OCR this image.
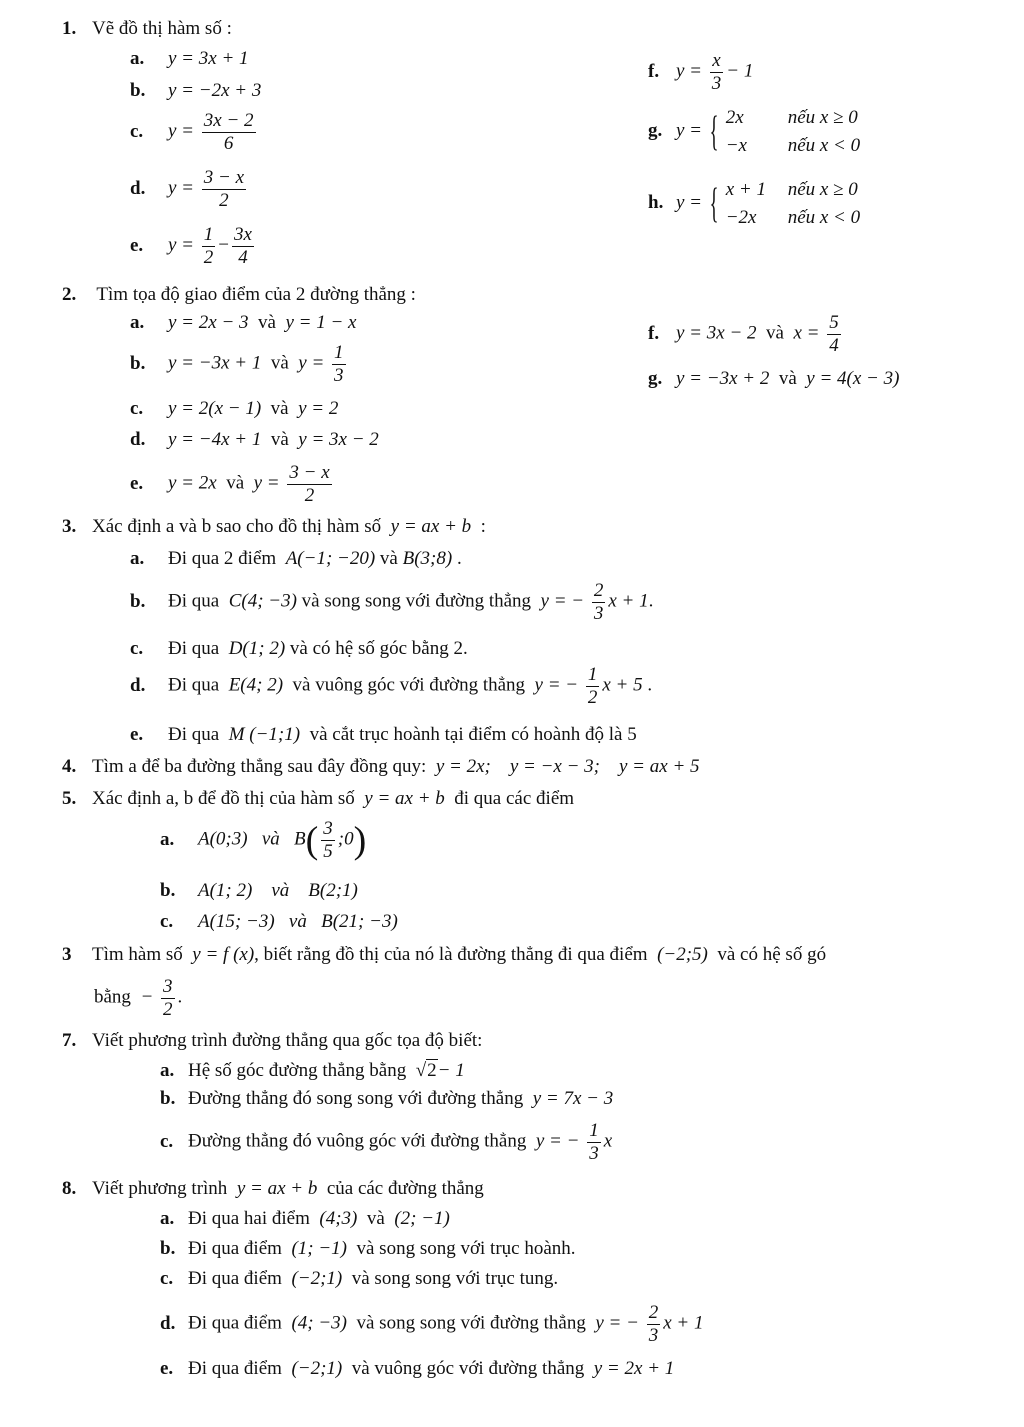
1. Vẽ đồ thị hàm số :
a. y = 3x + 1
b. y = −2x + 3
c. $y = \frac{3x - 2}{6}$
d. $y = \frac{3 - x}{2}$
e. $y = \frac{1}{2} - \frac{3x}{4}$
f. $y = \frac{x}{3} - 1$
g. y = { 2x nếu x ≥ 0
−x nếu x < 0
h. y = { x + 1 nếu x ≥ 0
−2x nếu x < 0
2. Tìm tọa độ giao điểm của 2 đường thẳng :
a. y = 2x − 3 và y = 1 − x
b. y = −3x + 1 và $y = \frac{1}{3}$
c. y = 2(x − 1) và y = 2
d. y = −4x + 1 và y = 3x − 2
e. y = 2x và $y = \frac{3 - x}{2}$
f. y = 3x − 2 và $x = \frac{5}{4}$
g. y = −3x + 2 và y = 4(x − 3)
3. Xác định a và b sao cho đồ thị hàm số y = ax + b :
a. Đi qua 2 điểm A(−1; −20) và B(3;8) .
b. Đi qua C(4; −3) và song song với đường thẳng y = − $\frac{2}{3}$ x + 1.
c. Đi qua D(1; 2) và có hệ số góc bằng 2.
d. Đi qua E(4; 2) và vuông góc với đường thẳng y = − $\frac{1}{2}$ x + 5 .
e. Đi qua M (−1;1) và cắt trục hoành tại điểm có hoành độ là 5
4. Tìm a để ba đường thẳng sau đây đồng quy: y = 2x; y = −x − 3; y = ax + 5
5. Xác định a, b để đồ thị của hàm số y = ax + b đi qua các điểm
a. A(0;3) và $B( \frac{3}{5}$ ;0)
b. A(1; 2) và B(2;1)
c. A(15; −3) và B(21; −3)
3 Tìm hàm số y = f (x), biết rằng đồ thị của nó là đường thẳng đi qua điểm (−2;5) và có hệ số gó
bằng − $\frac{3}{2}$ .
7. Viết phương trình đường thẳng qua gốc tọa độ biết:
a. Hệ số góc đường thẳng bằng √2− 1
b. Đường thẳng đó song song với đường thẳng y = 7x − 3
c. Đường thẳng đó vuông góc với đường thẳng y = − $\frac{1}{3}$ x
8. Viết phương trình y = ax + b của các đường thẳng
a. Đi qua hai điểm (4;3) và (2; −1)
b. Đi qua điểm (1; −1) và song song với trục hoành.
c. Đi qua điểm (−2;1) và song song với trục tung.
d. Đi qua điểm (4; −3) và song song với đường thẳng y = − $\frac{2}{3}$ x + 1
e. Đi qua điểm (−2;1) và vuông góc với đường thẳng y = 2x + 1
